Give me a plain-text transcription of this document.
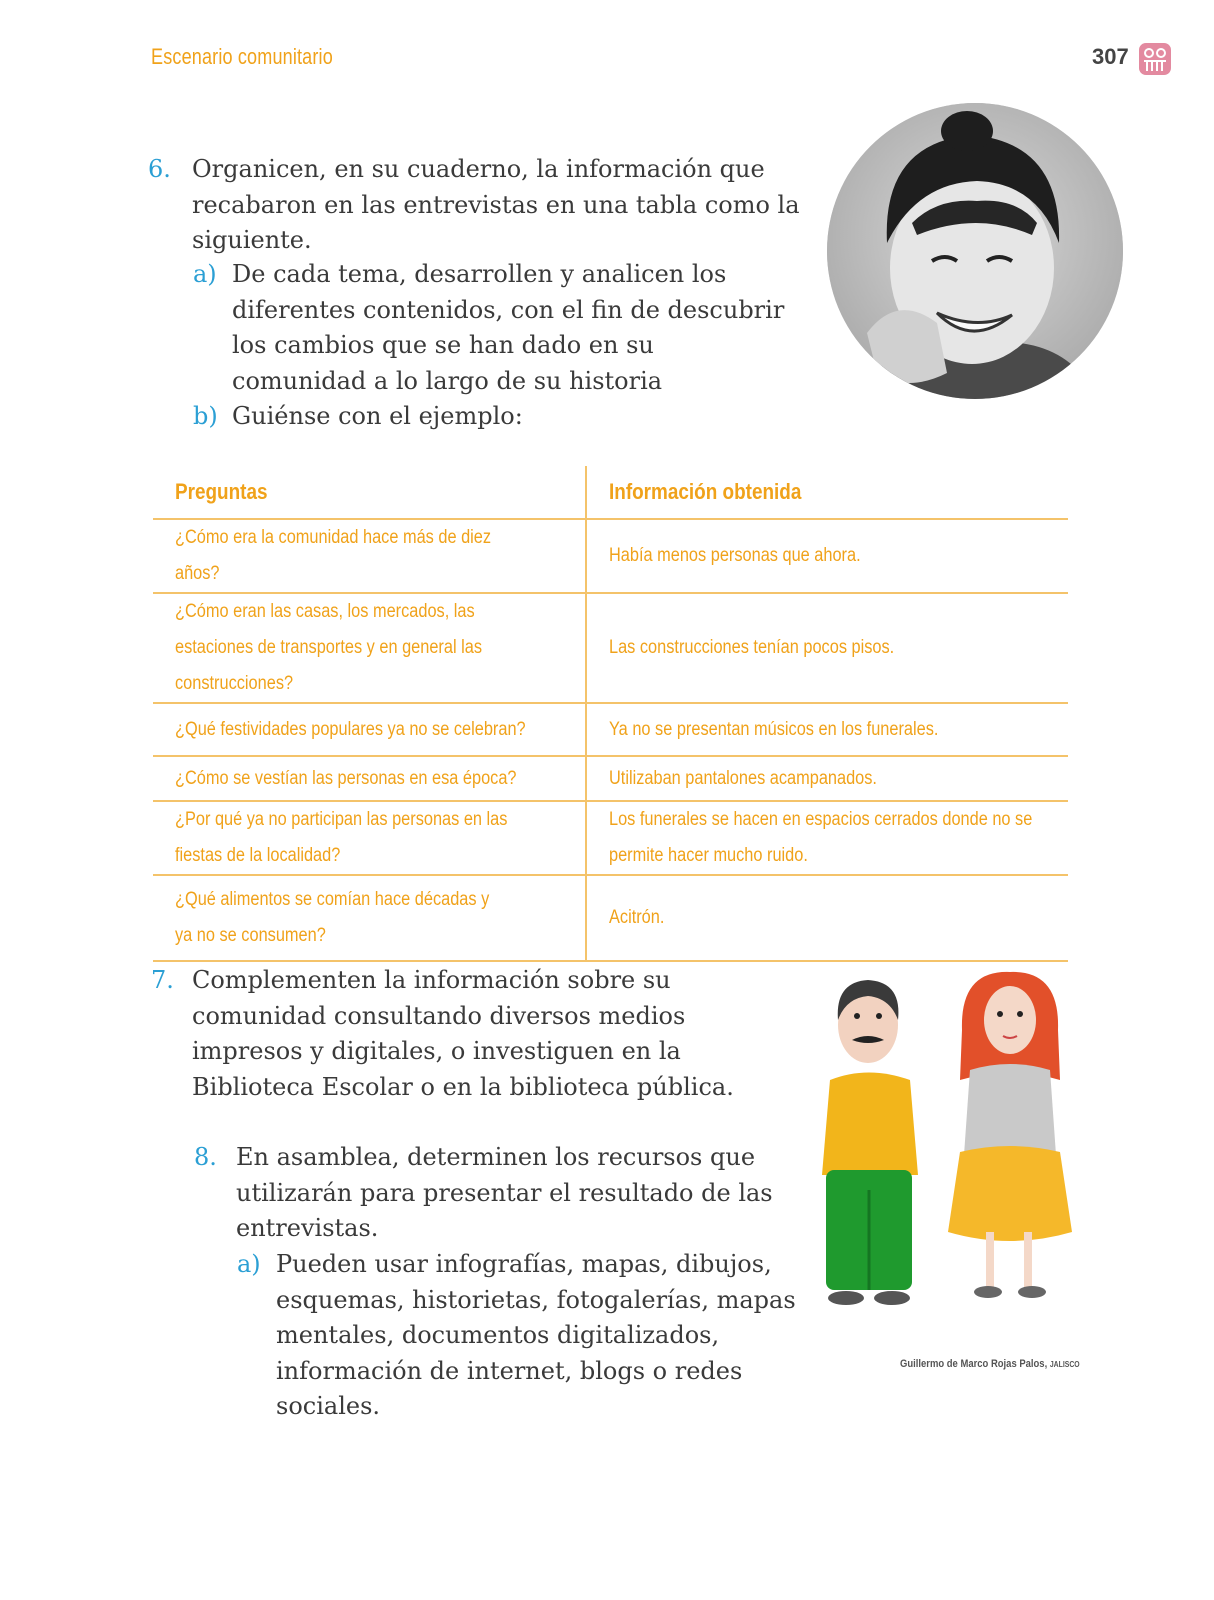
Escenario comunitario	307
6. Organicen, en su cuaderno, la información que recabaron en las entrevistas en una tabla como la siguiente.

a) De cada tema, desarrollen y analicen los diferentes contenidos, con el fin de descubrir los cambios que se han dado en su comunidad a lo largo de su historia

b) Guiénse con el ejemplo:

Preguntas	Información obtenida
¿Cómo era la comunidad hace más de diez años?	Había menos personas que ahora.
¿Cómo eran las casas, los mercados, las estaciones de transportes y en general las construcciones?	Las construcciones tenían pocos pisos.
¿Qué festividades populares ya no se celebran?	Ya no se presentan músicos en los funerales.
¿Cómo se vestían las personas en esa época?	Utilizaban pantalones acampanados.
¿Por qué ya no participan las personas en las fiestas de la localidad?	Los funerales se hacen en espacios cerrados donde no se permite hacer mucho ruido.
¿Qué alimentos se comían hace décadas y ya no se consumen?	Acitrón.
7. Complementen la información sobre su comunidad consultando diversos medios impresos y digitales, o investiguen en la Biblioteca Escolar o en la biblioteca pública.

8. En asamblea, determinen los recursos que utilizarán para presentar el resultado de las entrevistas.

a) Pueden usar infografías, mapas, dibujos, esquemas, historietas, fotogalerías, mapas mentales, documentos digitalizados, información de internet, blogs o redes sociales.

Guillermo de Marco Rojas Palos, JALISCO
